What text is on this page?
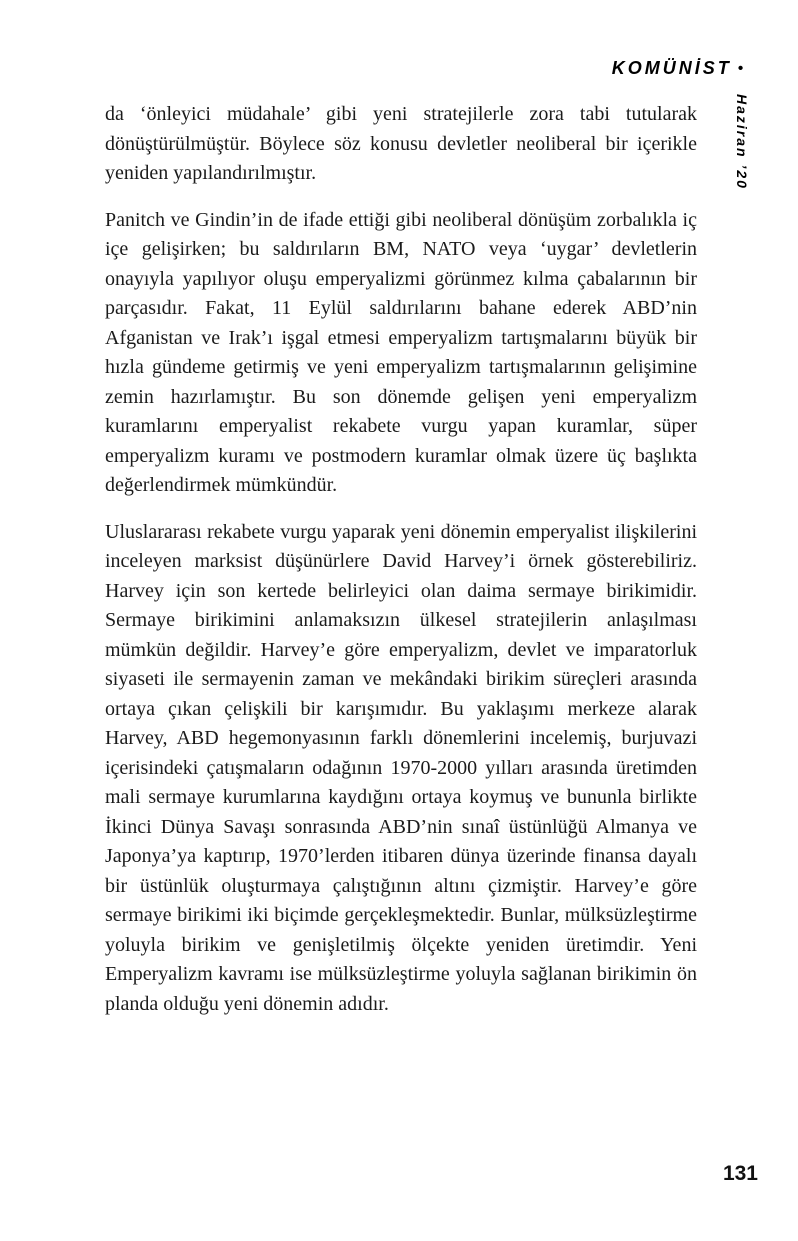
KOMÜNİST •
Haziran ’20

da ‘önleyici müdahale’ gibi yeni stratejilerle zora tabi tutularak dönüştürülmüştür. Böylece söz konusu devletler neoliberal bir içerikle yeniden yapılandırılmıştır.

Panitch ve Gindin’in de ifade ettiği gibi neoliberal dönüşüm zorbalıkla iç içe gelişirken; bu saldırıların BM, NATO veya ‘uygar’ devletlerin onayıyla yapılıyor oluşu emperyalizmi görünmez kılma çabalarının bir parçasıdır. Fakat, 11 Eylül saldırılarını bahane ederek ABD’nin Afganistan ve Irak’ı işgal etmesi emperyalizm tartışmalarını büyük bir hızla gündeme getirmiş ve yeni emperyalizm tartışmalarının gelişimine zemin hazırlamıştır. Bu son dönemde gelişen yeni emperyalizm kuramlarını emperyalist rekabete vurgu yapan kuramlar, süper emperyalizm kuramı ve postmodern kuramlar olmak üzere üç başlıkta değerlendirmek mümkündür.

Uluslararası rekabete vurgu yaparak yeni dönemin emperyalist ilişkilerini inceleyen marksist düşünürlere David Harvey’i örnek gösterebiliriz. Harvey için son kertede belirleyici olan daima sermaye birikimidir. Sermaye birikimini anlamaksızın ülkesel stratejilerin anlaşılması mümkün değildir. Harvey’e göre emperyalizm, devlet ve imparatorluk siyaseti ile sermayenin zaman ve mekândaki birikim süreçleri arasında ortaya çıkan çelişkili bir karışımıdır. Bu yaklaşımı merkeze alarak Harvey, ABD hegemonyasının farklı dönemlerini incelemiş, burjuvazi içerisindeki çatışmaların odağının 1970-2000 yılları arasında üretimden mali sermaye kurumlarına kaydığını ortaya koymuş ve bununla birlikte İkinci Dünya Savaşı sonrasında ABD’nin sınaî üstünlüğü Almanya ve Japonya’ya kaptırıp, 1970’lerden itibaren dünya üzerinde finansa dayalı bir üstünlük oluşturmaya çalıştığının altını çizmiştir. Harvey’e göre sermaye birikimi iki biçimde gerçekleşmektedir. Bunlar, mülksüzleştirme yoluyla birikim ve genişletilmiş ölçekte yeniden üretimdir. Yeni Emperyalizm kavramı ise mülksüzleştirme yoluyla sağlanan birikimin ön planda olduğu yeni dönemin adıdır.

131
